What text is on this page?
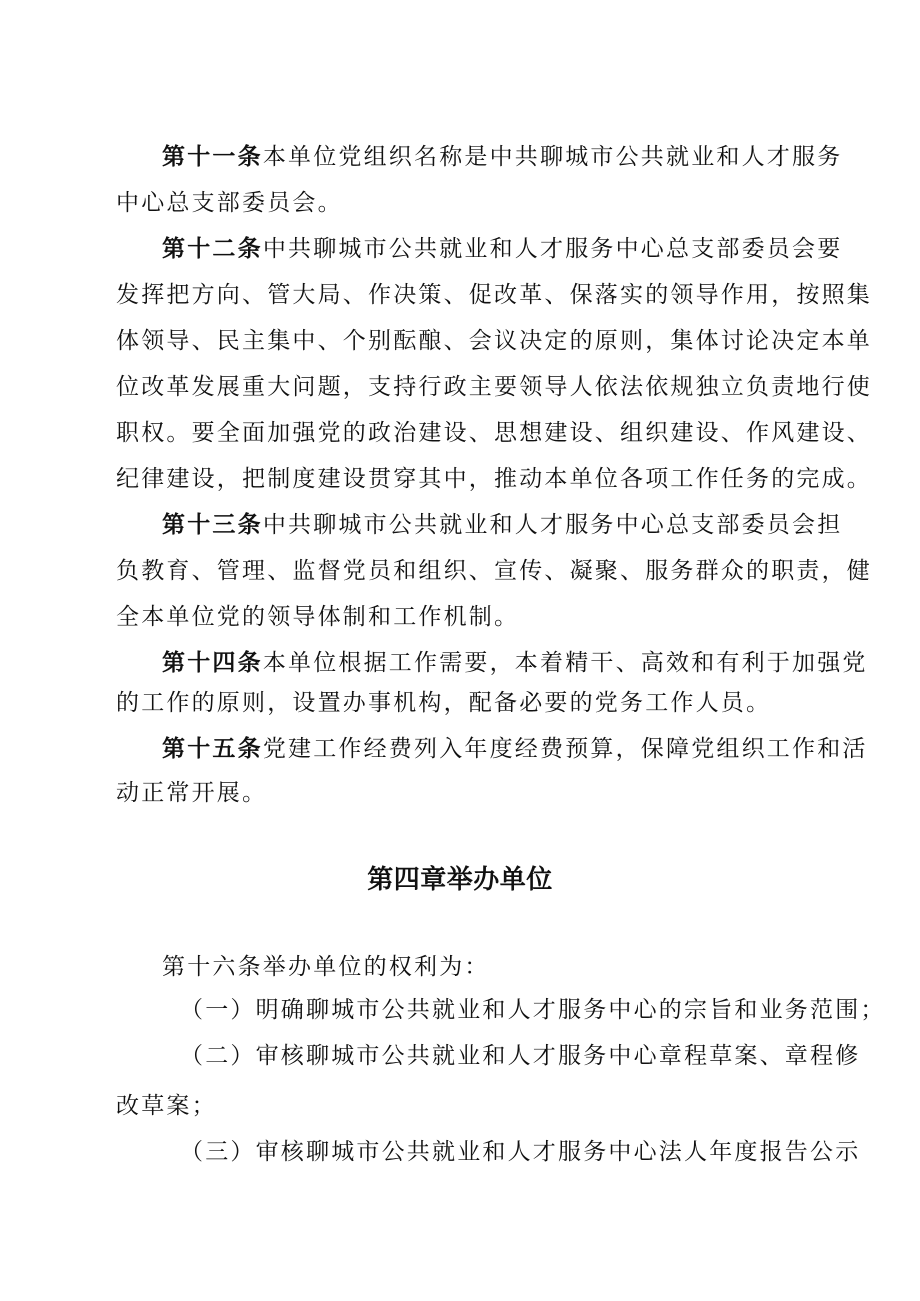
第十一条本单位党组织名称是中共聊城市公共就业和人才服务
中心总支部委员会。
第十二条中共聊城市公共就业和人才服务中心总支部委员会要
发挥把方向、管大局、作决策、促改革、保落实的领导作用，按照集
体领导、民主集中、个别酝酿、会议决定的原则，集体讨论决定本单
位改革发展重大问题，支持行政主要领导人依法依规独立负责地行使
职权。要全面加强党的政治建设、思想建设、组织建设、作风建设、
纪律建设，把制度建设贯穿其中，推动本单位各项工作任务的完成。
第十三条中共聊城市公共就业和人才服务中心总支部委员会担
负教育、管理、监督党员和组织、宣传、凝聚、服务群众的职责，健
全本单位党的领导体制和工作机制。
第十四条本单位根据工作需要，本着精干、高效和有利于加强党
的工作的原则，设置办事机构，配备必要的党务工作人员。
第十五条党建工作经费列入年度经费预算，保障党组织工作和活
动正常开展。
第四章举办单位
第十六条举办单位的权利为：
（一）明确聊城市公共就业和人才服务中心的宗旨和业务范围；
（二）审核聊城市公共就业和人才服务中心章程草案、章程修
改草案；
（三）审核聊城市公共就业和人才服务中心法人年度报告公示
